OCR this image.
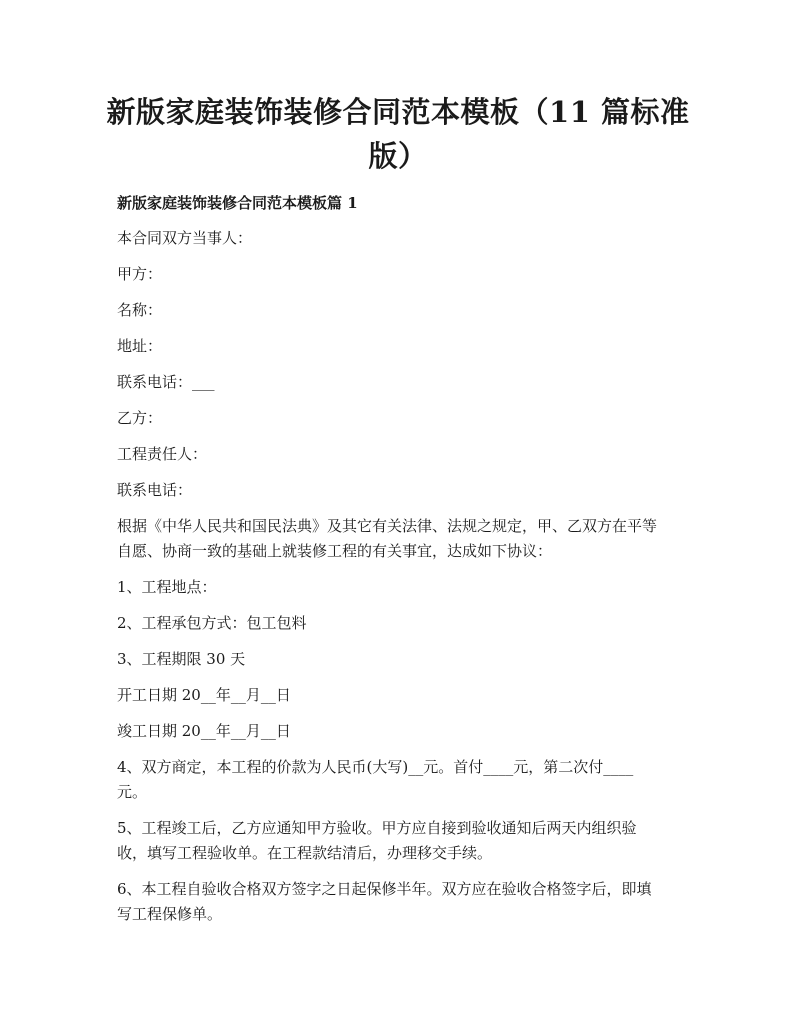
新版家庭装饰装修合同范本模板（11 篇标准
版）
新版家庭装饰装修合同范本模板篇 1
本合同双方当事人：
甲方：
名称：
地址：
联系电话：___
乙方：
工程责任人：
联系电话：
根据《中华人民共和国民法典》及其它有关法律、法规之规定，甲、乙双方在平等
自愿、协商一致的基础上就装修工程的有关事宜，达成如下协议：
1、工程地点：
2、工程承包方式：包工包料
3、工程期限 30 天
开工日期 20__年__月__日
竣工日期 20__年__月__日
4、双方商定，本工程的价款为人民币(大写)__元。首付____元，第二次付____
元。
5、工程竣工后，乙方应通知甲方验收。甲方应自接到验收通知后两天内组织验
收，填写工程验收单。在工程款结清后，办理移交手续。
6、本工程自验收合格双方签字之日起保修半年。双方应在验收合格签字后，即填
写工程保修单。
